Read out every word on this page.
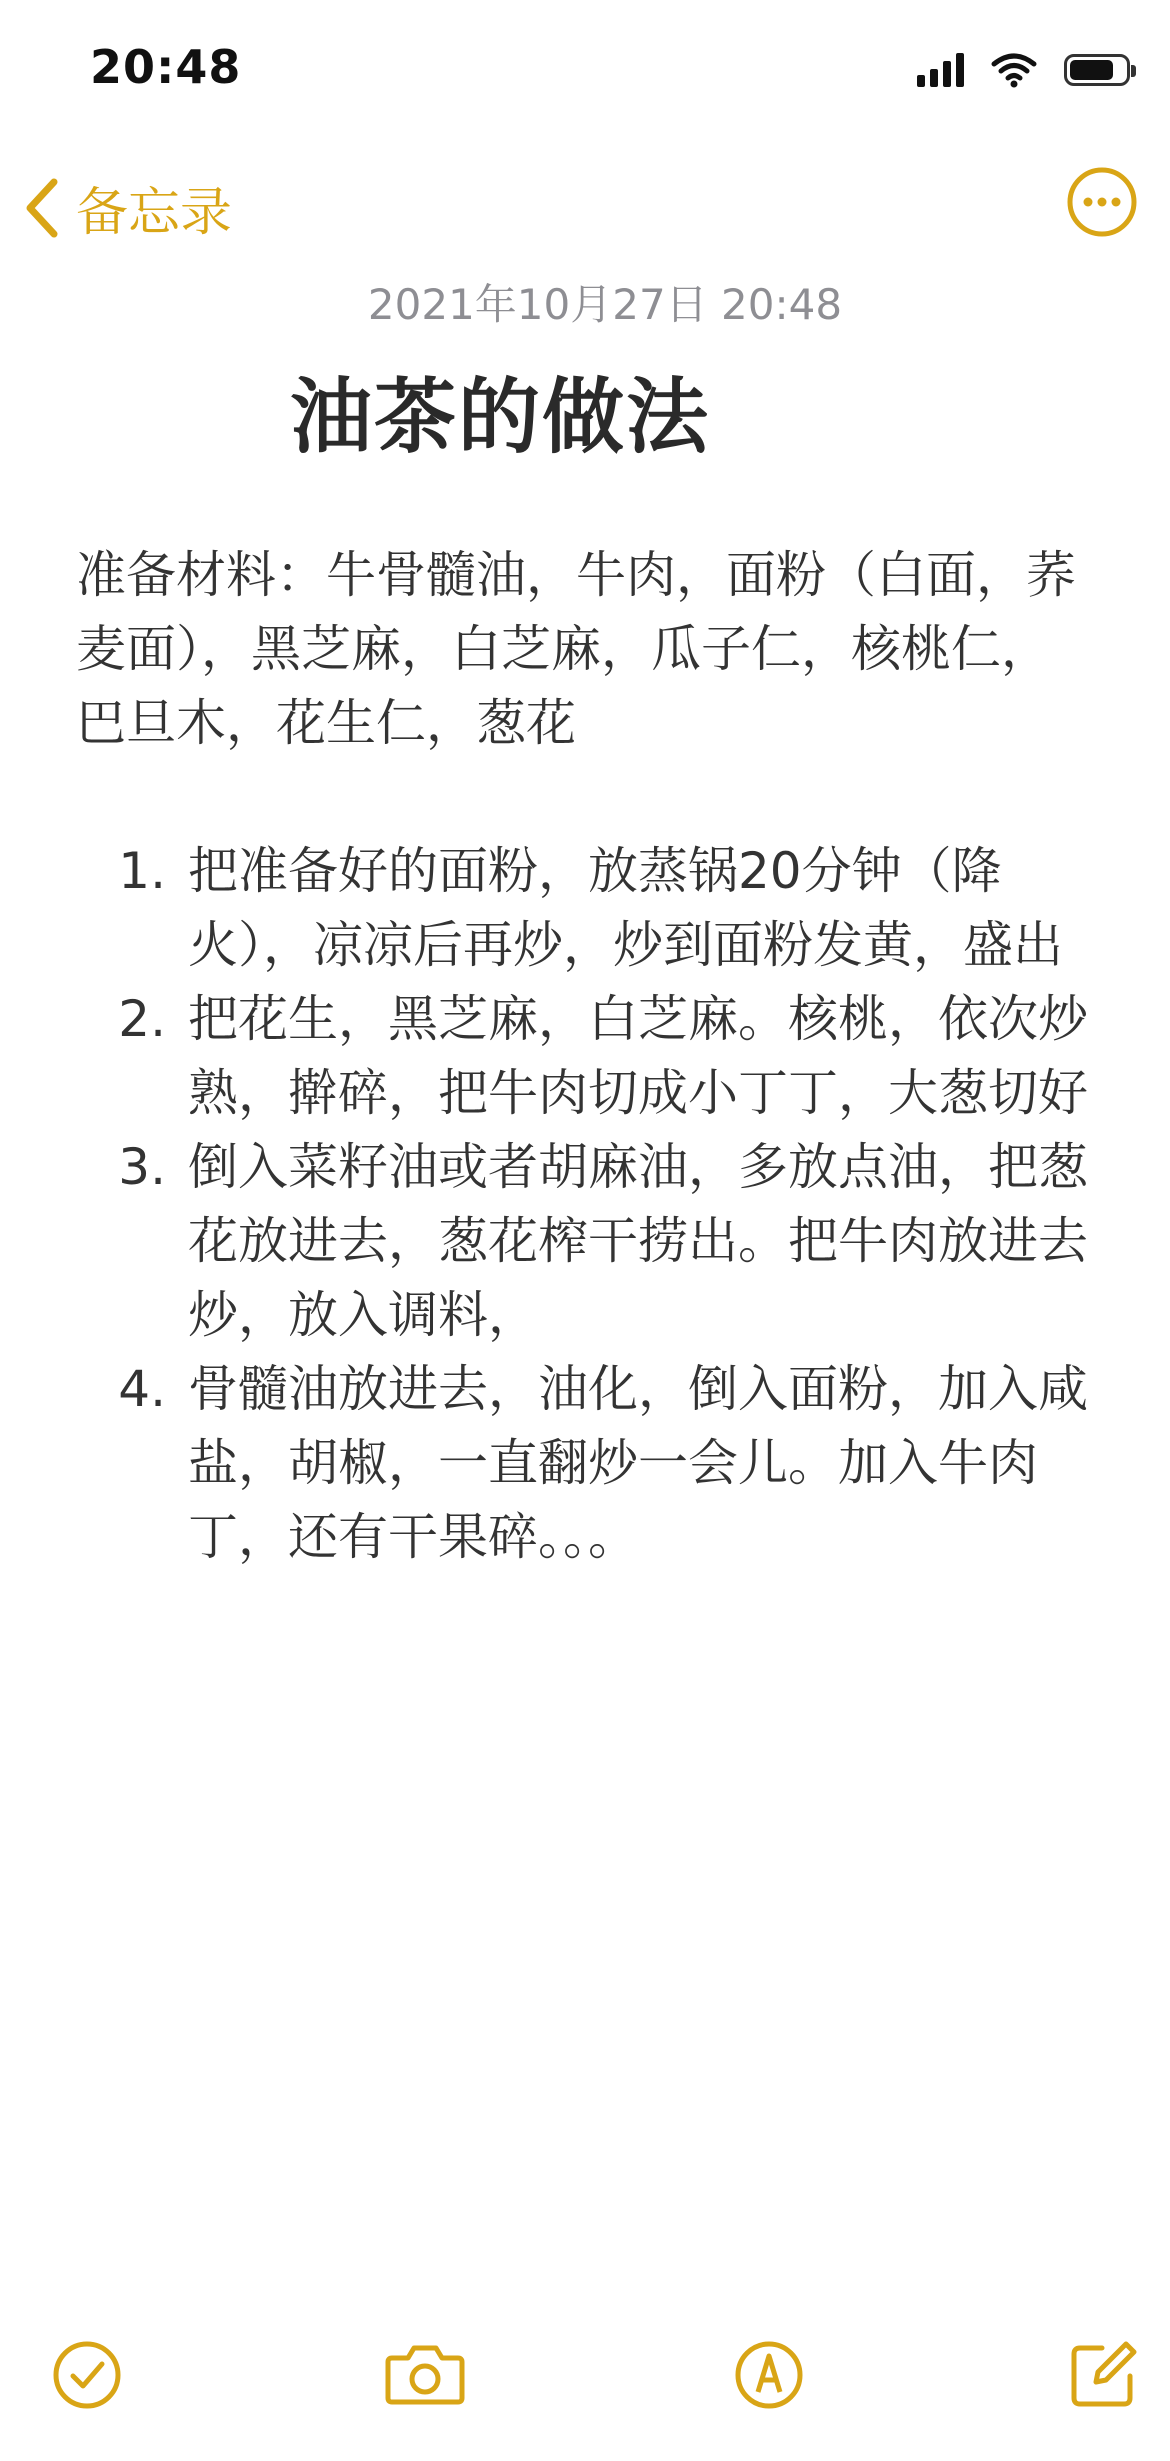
20:48
备忘录
2021年10月27日 20:48
油茶的做法

准备材料：牛骨髓油，牛肉，面粉（白面，荞麦面），黑芝麻，白芝麻，瓜子仁，核桃仁，巴旦木，花生仁，葱花

1. 把准备好的面粉，放蒸锅20分钟（降火），凉凉后再炒，炒到面粉发黄，盛出
2. 把花生，黑芝麻，白芝麻。核桃，依次炒熟，擀碎，把牛肉切成小丁丁，大葱切好
3. 倒入菜籽油或者胡麻油，多放点油，把葱花放进去，葱花榨干捞出。把牛肉放进去炒，放入调料，
4. 骨髓油放进去，油化，倒入面粉，加入咸盐，胡椒，一直翻炒一会儿。加入牛肉丁，还有干果碎。。。
